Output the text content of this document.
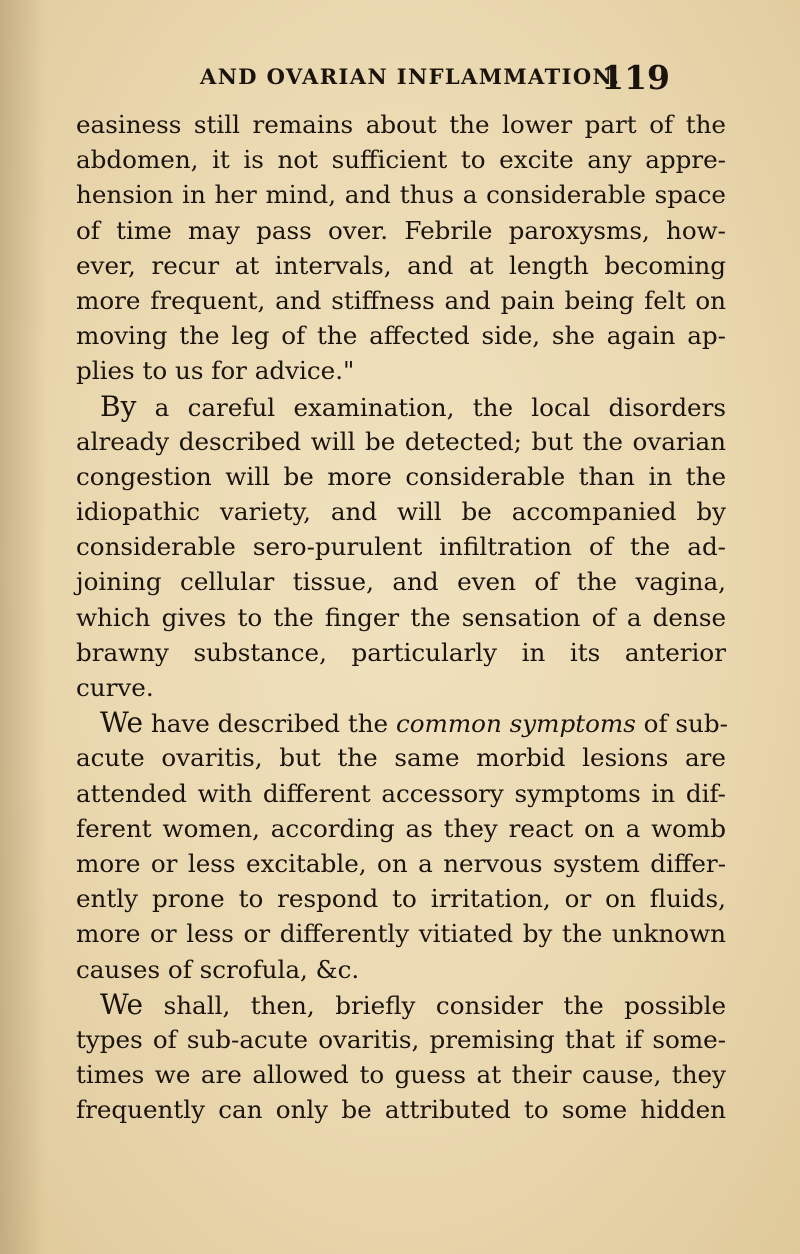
AND OVARIAN INFLAMMATION.
119
easiness still remains about the lower part of the
abdomen, it is not sufficient to excite any appre-
hension in her mind, and thus a considerable space
of time may pass over. Febrile paroxysms, how-
ever, recur at intervals, and at length becoming
more frequent, and stiffness and pain being felt on
moving the leg of the affected side, she again ap-
plies to us for advice."
By a careful examination, the local disorders
already described will be detected; but the ovarian
congestion will be more considerable than in the
idiopathic variety, and will be accompanied by
considerable sero-purulent infiltration of the ad-
joining cellular tissue, and even of the vagina,
which gives to the finger the sensation of a dense
brawny substance, particularly in its anterior
curve.
We have described the common symptoms of sub-
acute ovaritis, but the same morbid lesions are
attended with different accessory symptoms in dif-
ferent women, according as they react on a womb
more or less excitable, on a nervous system differ-
ently prone to respond to irritation, or on fluids,
more or less or differently vitiated by the unknown
causes of scrofula, &c.
We shall, then, briefly consider the possible
types of sub-acute ovaritis, premising that if some-
times we are allowed to guess at their cause, they
frequently can only be attributed to some hidden
